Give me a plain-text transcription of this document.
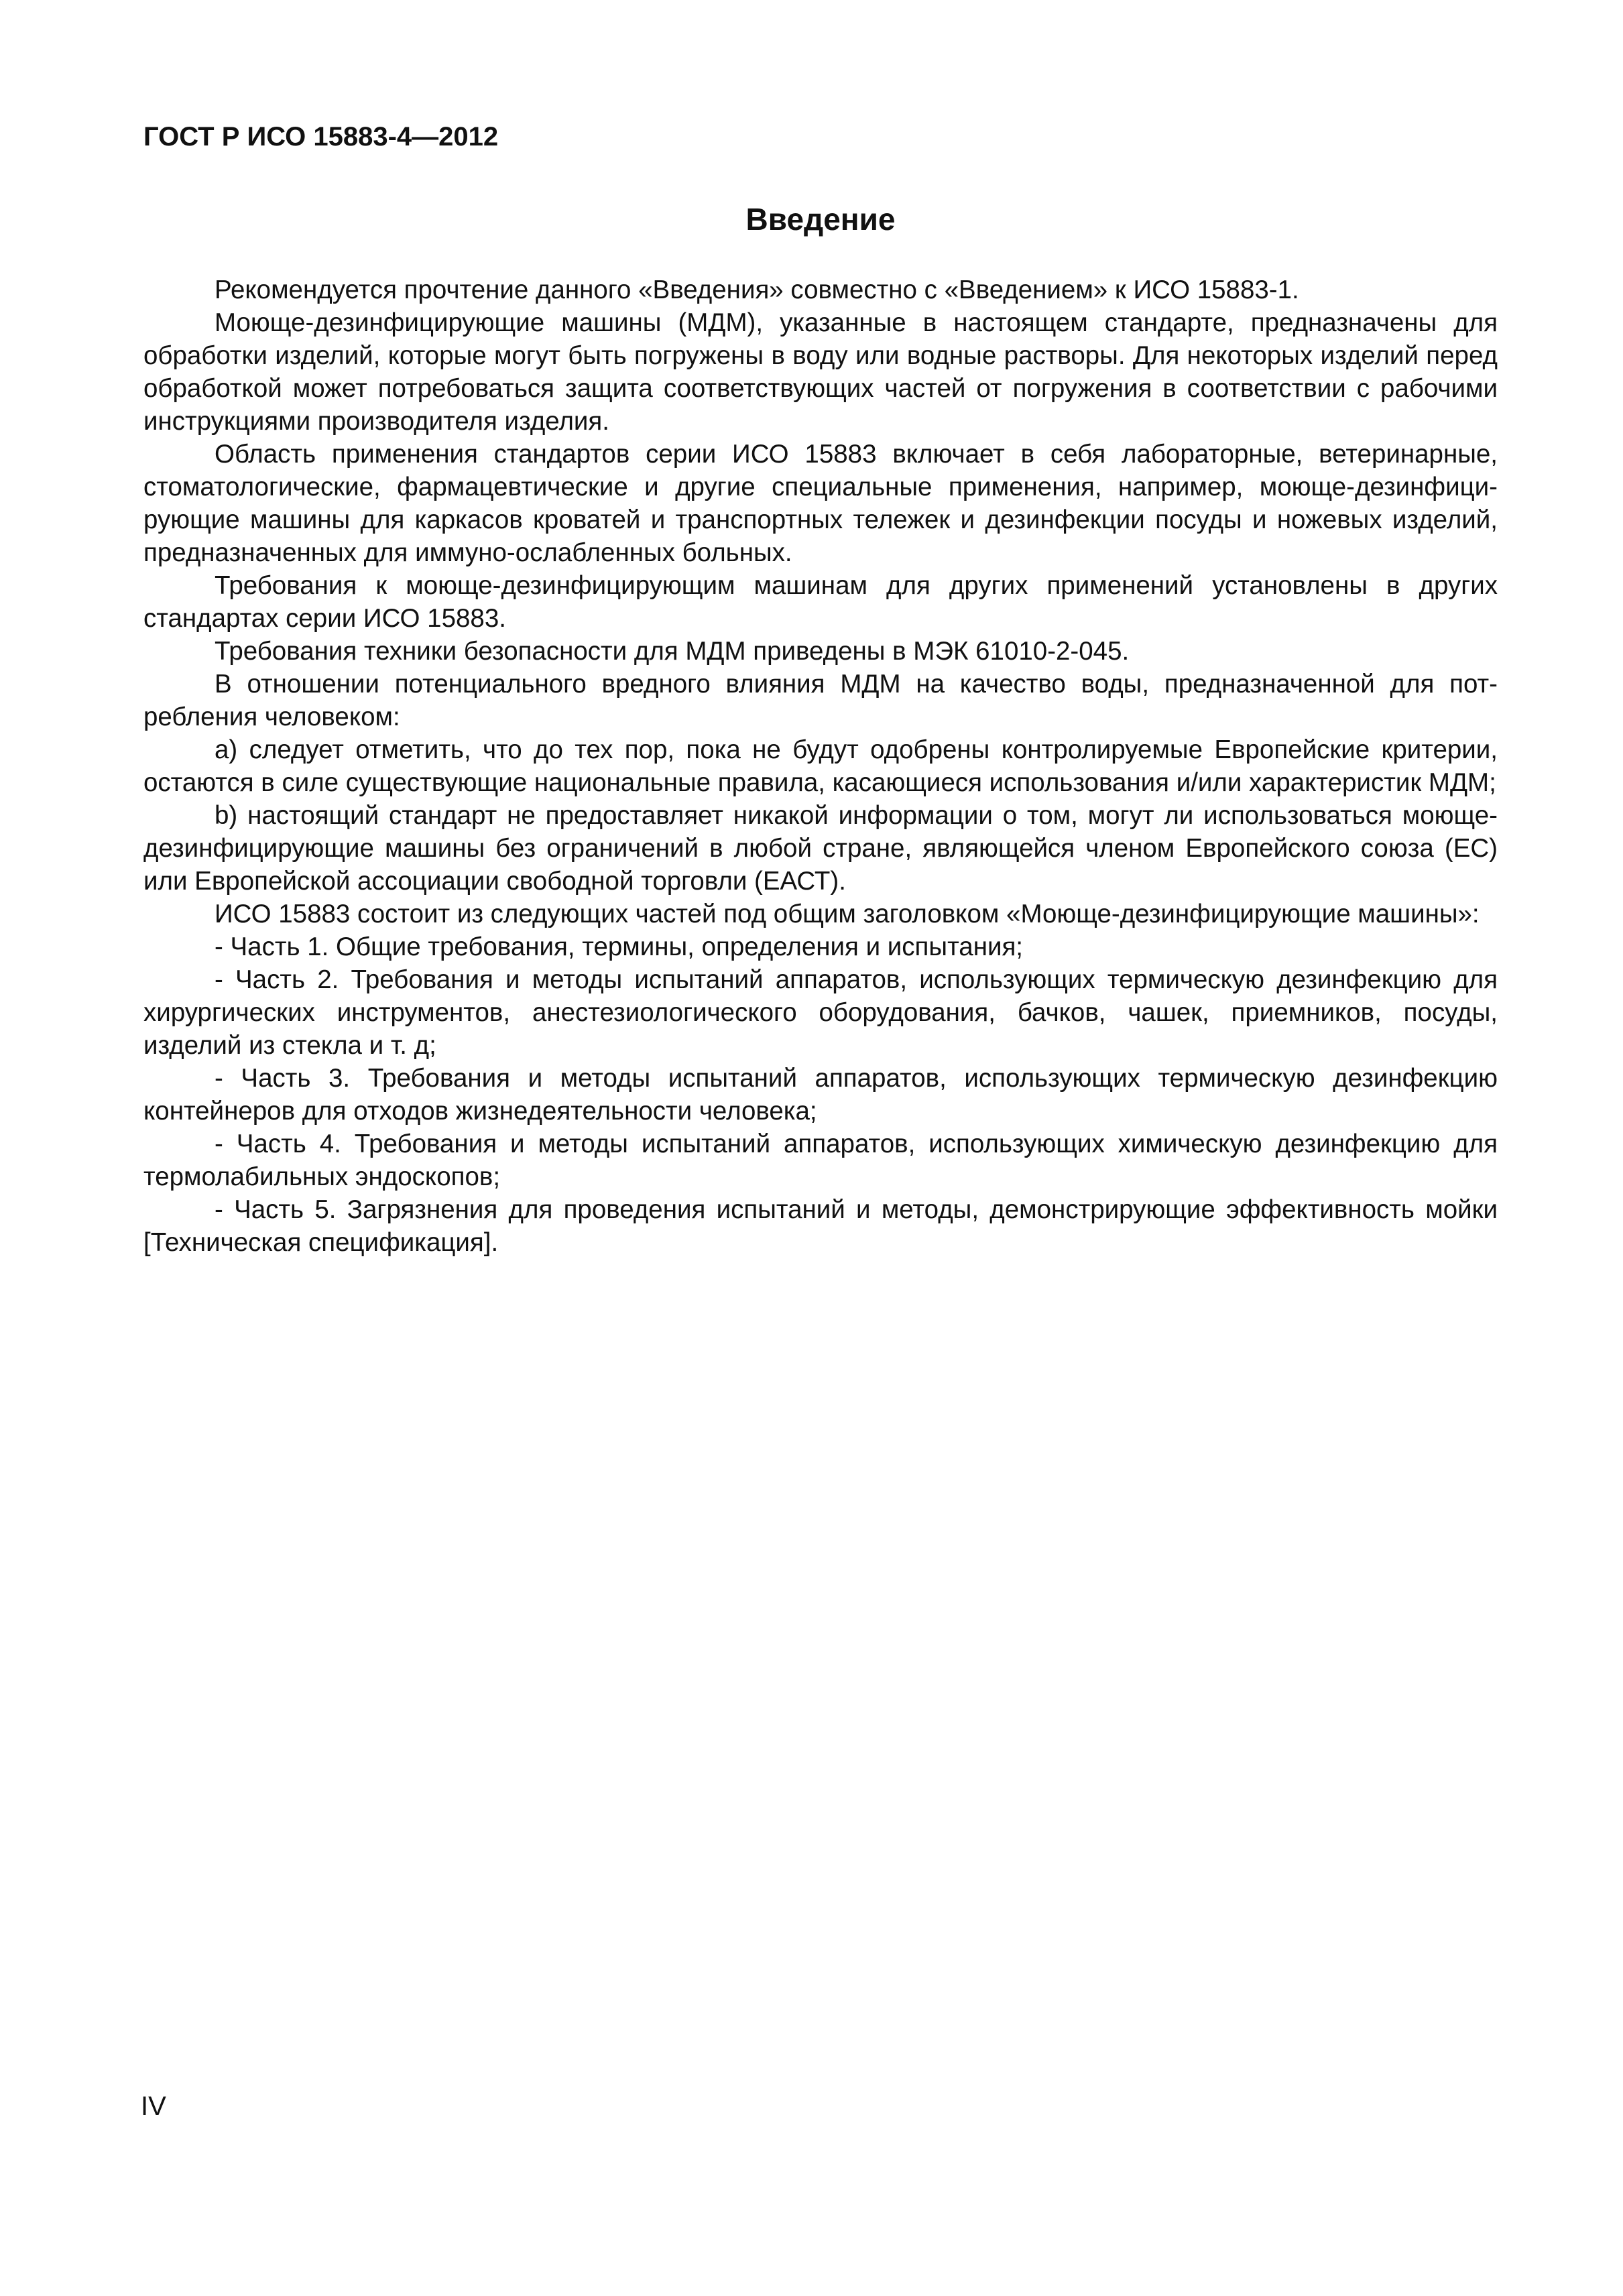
ГОСТ Р ИСО 15883-4—2012
Введение

Рекомендуется прочтение данного «Введения» совместно с «Введением» к ИСО 15883-1.

Моюще-дезинфицирующие машины (МДМ), указанные в настоящем стандарте, предназначены для обработки изделий, которые могут быть погружены в воду или водные растворы. Для некоторых изделий перед обработкой может потребоваться защита соответствующих частей от погружения в соответствии с рабочими инструкциями производителя изделия.

Область применения стандартов серии ИСО 15883 включает в себя лабораторные, ветеринарные, стоматологические, фармацевтические и другие специальные применения, например, моюще-дезинфицирующие машины для каркасов кроватей и транспортных тележек и дезинфекции посуды и ножевых изделий, предназначенных для иммуно-ослабленных больных.

Требования к моюще-дезинфицирующим машинам для других применений установлены в других стандартах серии ИСО 15883.

Требования техники безопасности для МДМ приведены в МЭК 61010-2-045.

В отношении потенциального вредного влияния МДМ на качество воды, предназначенной для потребления человеком:

а) следует отметить, что до тех пор, пока не будут одобрены контролируемые Европейские критерии, остаются в силе существующие национальные правила, касающиеся использования и/или характеристик МДМ;

b) настоящий стандарт не предоставляет никакой информации о том, могут ли использоваться моюще-дезинфицирующие машины без ограничений в любой стране, являющейся членом Европейского союза (ЕС) или Европейской ассоциации свободной торговли (ЕАСТ).

ИСО 15883 состоит из следующих частей под общим заголовком «Моюще-дезинфицирующие машины»:

- Часть 1. Общие требования, термины, определения и испытания;

- Часть 2. Требования и методы испытаний аппаратов, использующих термическую дезинфекцию для хирургических инструментов, анестезиологического оборудования, бачков, чашек, приемников, посуды, изделий из стекла и т. д;

- Часть 3. Требования и методы испытаний аппаратов, использующих термическую дезинфекцию контейнеров для отходов жизнедеятельности человека;

- Часть 4. Требования и методы испытаний аппаратов, использующих химическую дезинфекцию для термолабильных эндоскопов;

- Часть 5. Загрязнения для проведения испытаний и методы, демонстрирующие эффективность мойки [Техническая спецификация].

IV
